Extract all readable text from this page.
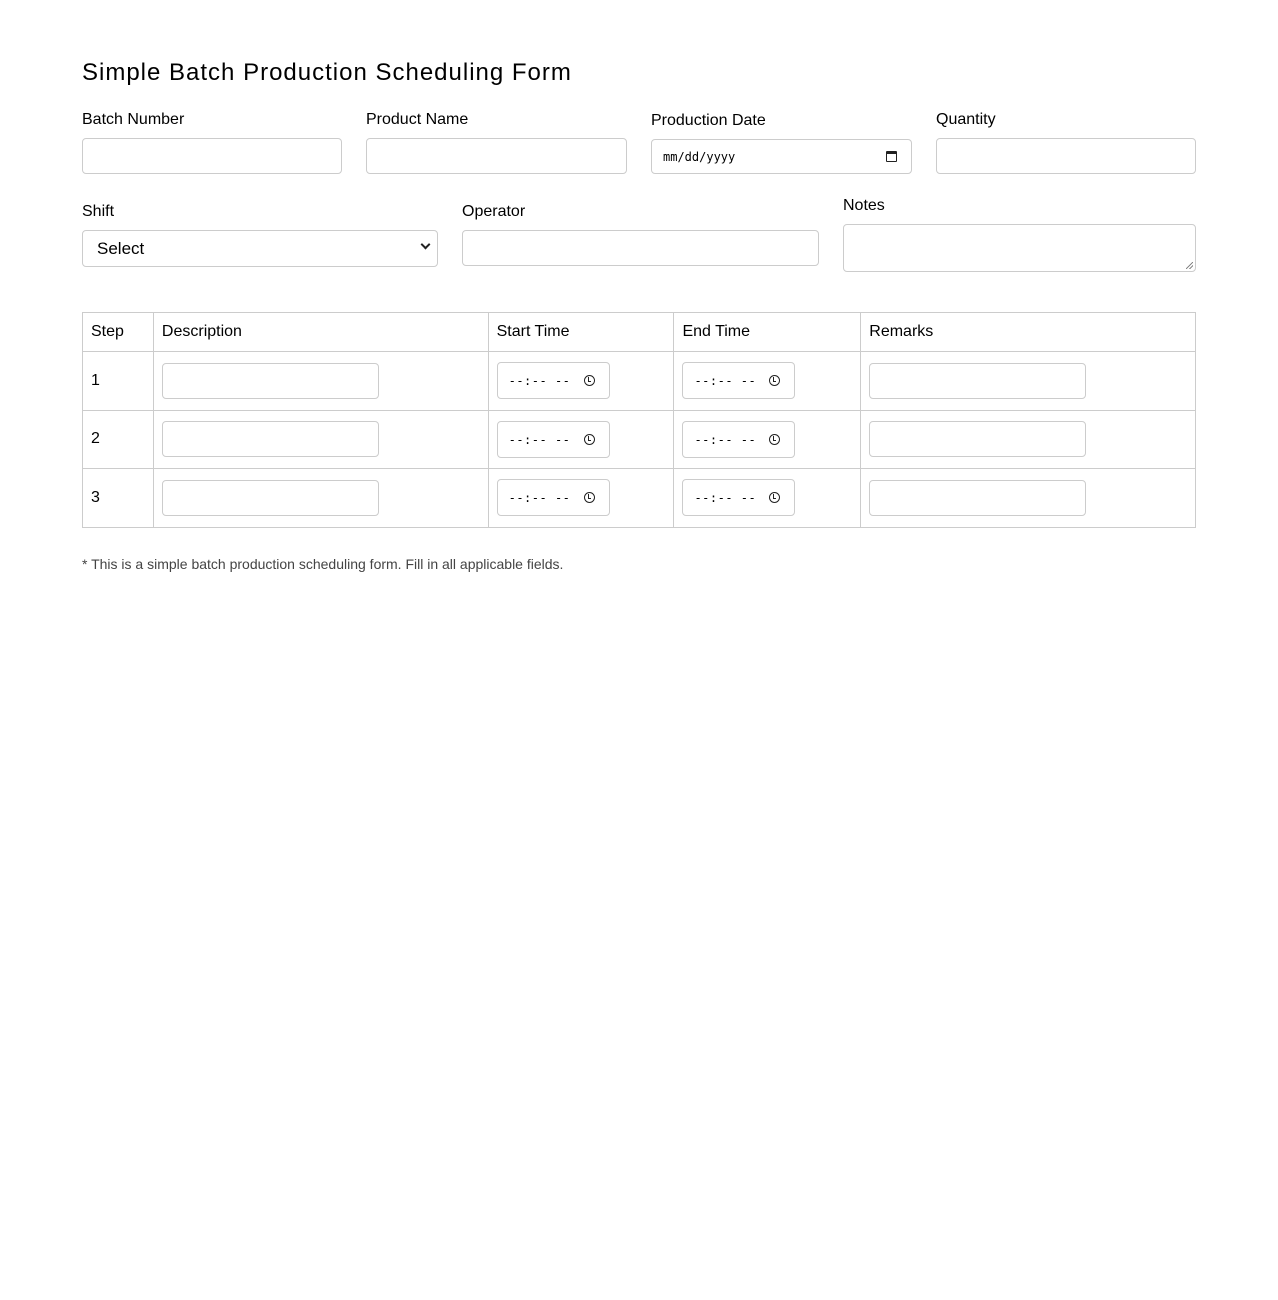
Simple Batch Production Scheduling Form
Batch Number	Product Name	Production Date
mm/dd/yyyy
Quantity
Shift
Select
Operator	Notes
Step	Description	Start Time	End Time	Remarks
1		--:-- --	--:-- --	

2		--:-- --	--:-- --	

3		--:-- --	--:-- --	

* This is a simple batch production scheduling form. Fill in all applicable fields.
